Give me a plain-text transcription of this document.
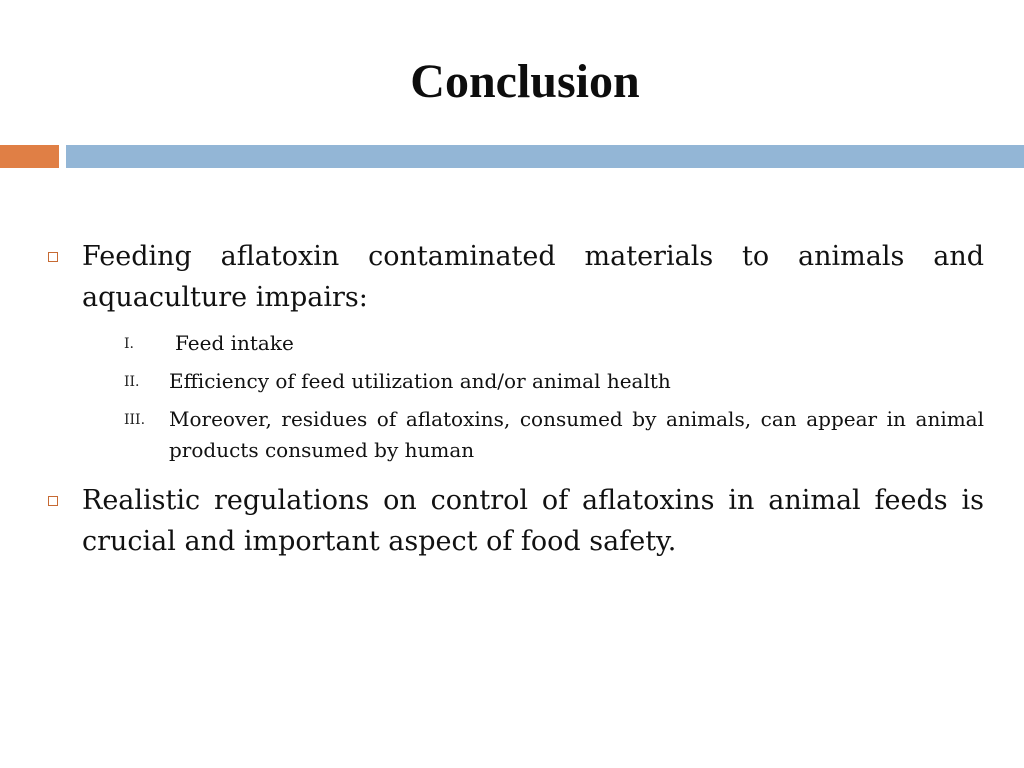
Conclusion
Feeding aflatoxin contaminated materials to animals and aquaculture impairs:
I. Feed intake
II. Efficiency of feed utilization and/or animal health
III. Moreover, residues of aflatoxins, consumed by animals, can appear in animal products consumed by human
Realistic regulations on control of aflatoxins in animal feeds is crucial and important aspect of food safety.
